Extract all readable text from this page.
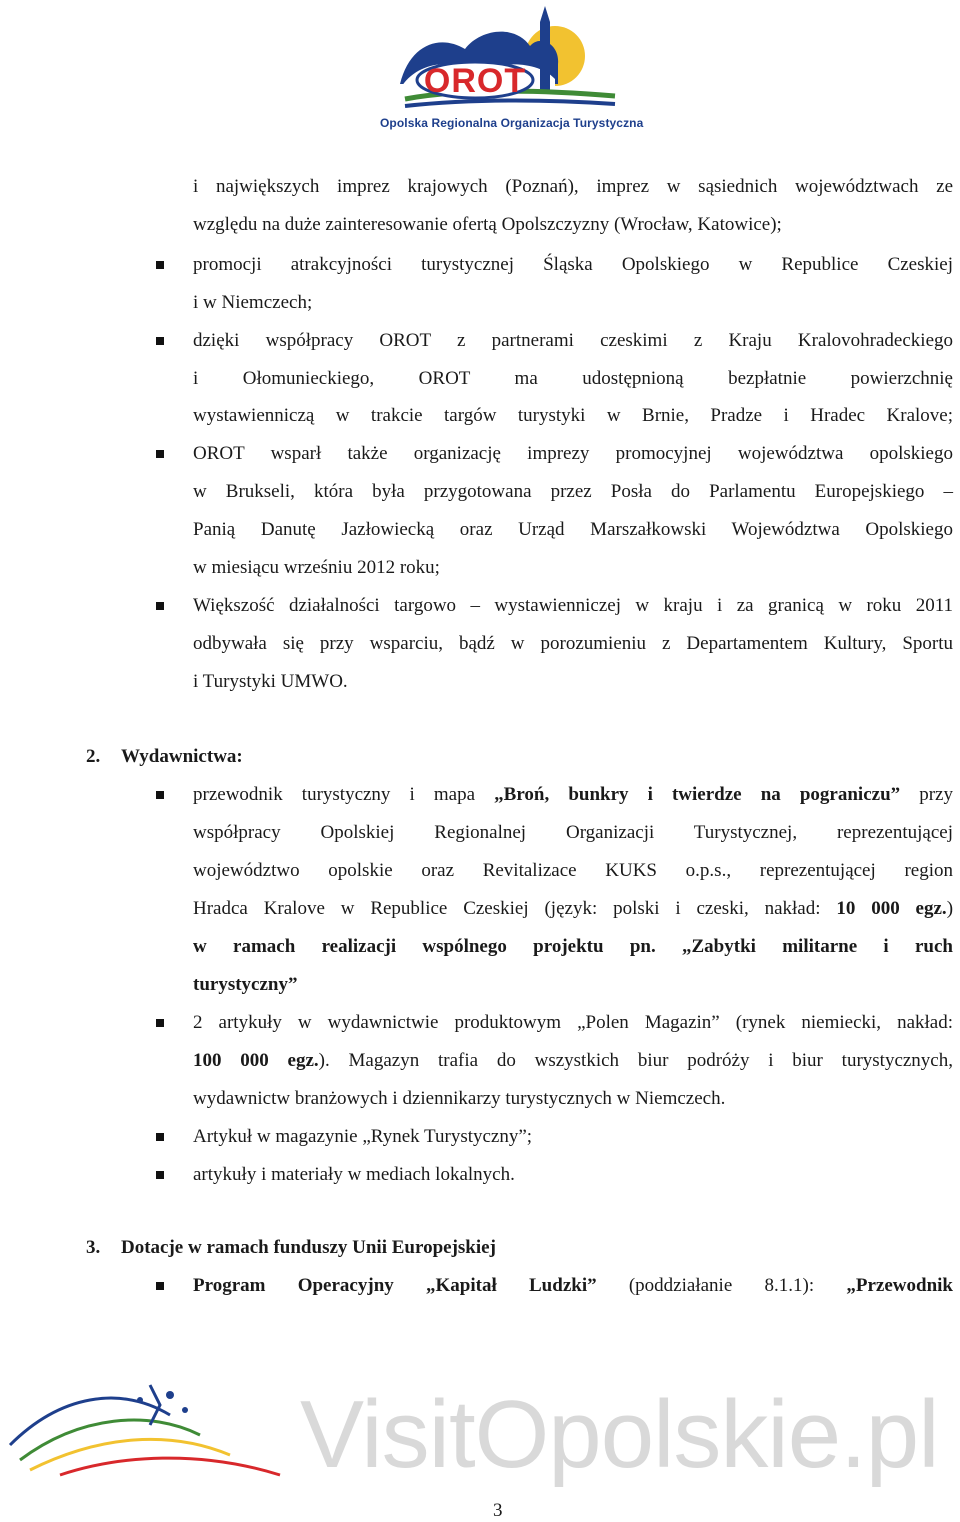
OROT
Opolska Regionalna Organizacja Turystyczna
i największych imprez krajowych (Poznań), imprez w sąsiednich województwach ze
względu na duże zainteresowanie ofertą Opolszczyzny (Wrocław, Katowice);
promocji atrakcyjności turystycznej Śląska Opolskiego w Republice Czeskiej
i w Niemczech;
dzięki współpracy OROT z partnerami czeskimi z Kraju Kralovohradeckiego
i Ołomunieckiego, OROT ma udostępnioną bezpłatnie powierzchnię
wystawienniczą w trakcie targów turystyki w Brnie, Pradze i Hradec Kralove;
OROT wsparł także organizację imprezy promocyjnej województwa opolskiego
w Brukseli, która była przygotowana przez Posła do Parlamentu Europejskiego –
Panią Danutę Jazłowiecką oraz Urząd Marszałkowski Województwa Opolskiego
w miesiącu wrześniu 2012 roku;
Większość działalności targowo – wystawienniczej w kraju i za granicą w roku 2011
odbywała się przy wsparciu, bądź w porozumieniu z Departamentem Kultury, Sportu
i Turystyki UMWO.
2. Wydawnictwa:
przewodnik turystyczny i mapa „Broń, bunkry i twierdze na pograniczu” przy
współpracy Opolskiej Regionalnej Organizacji Turystycznej, reprezentującej
województwo opolskie oraz Revitalizace KUKS o.p.s., reprezentującej region
Hradca Kralove w Republice Czeskiej (język: polski i czeski, nakład: 10 000 egz.)
w ramach realizacji wspólnego projektu pn. „Zabytki militarne i ruch
turystyczny”
2 artykuły w wydawnictwie produktowym „Polen Magazin” (rynek niemiecki, nakład:
100 000 egz.). Magazyn trafia do wszystkich biur podróży i biur turystycznych,
wydawnictw branżowych i dziennikarzy turystycznych w Niemczech.
Artykuł w magazynie „Rynek Turystyczny”;
artykuły i materiały w mediach lokalnych.
3. Dotacje w ramach funduszy Unii Europejskiej
Program Operacyjny „Kapitał Ludzki” (poddziałanie 8.1.1): „Przewodnik
VisitOpolskie.pl
3
